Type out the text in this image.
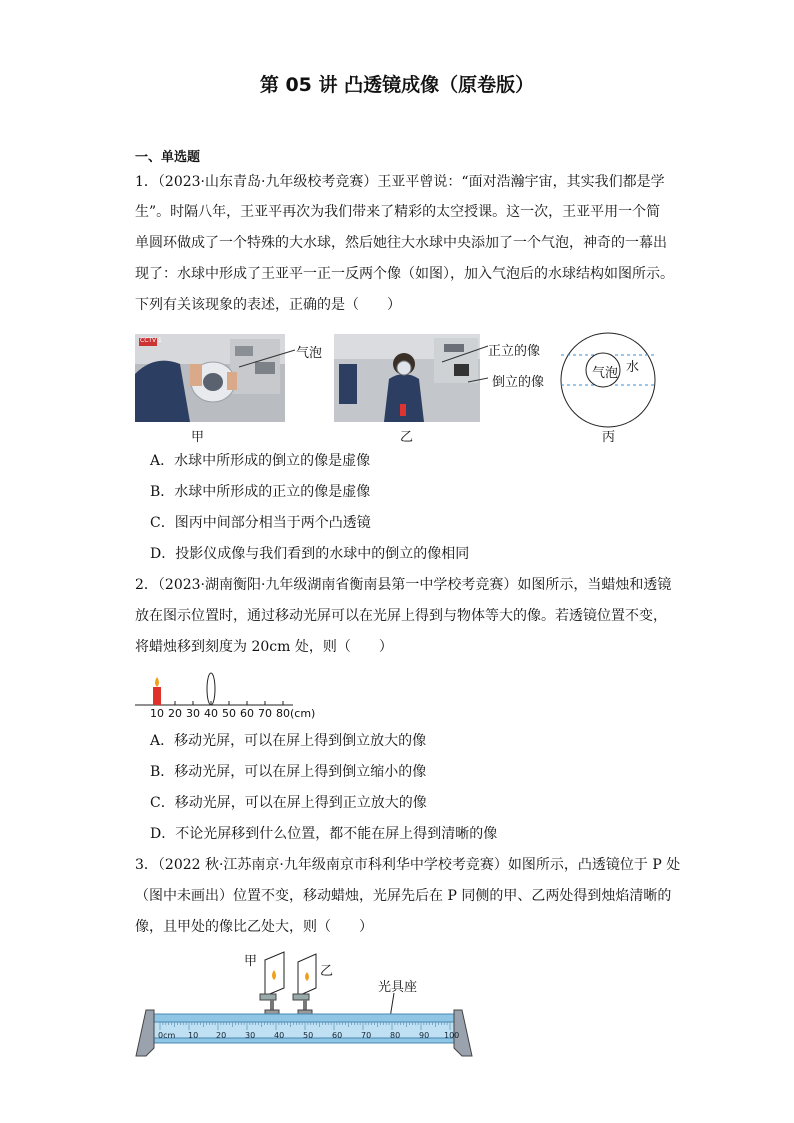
第 05 讲 凸透镜成像（原卷版）
一、单选题
1．（2023·山东青岛·九年级校考竞赛）王亚平曾说：“面对浩瀚宇宙，其实我们都是学
生”。时隔八年，王亚平再次为我们带来了精彩的太空授课。这一次，王亚平用一个简
单圆环做成了一个特殊的大水球，然后她往大水球中央添加了一个气泡，神奇的一幕出
现了：水球中形成了王亚平一正一反两个像（如图），加入气泡后的水球结构如图所示。
下列有关该现象的表述，正确的是（　　）
CCTV 1
气泡	正立的像
倒立的像
气泡 水
甲	乙	丙
A．水球中所形成的倒立的像是虚像
B．水球中所形成的正立的像是虚像
C．图丙中间部分相当于两个凸透镜
D．投影仪成像与我们看到的水球中的倒立的像相同
2．（2023·湖南衡阳·九年级湖南省衡南县第一中学校考竞赛）如图所示，当蜡烛和透镜
放在图示位置时，通过移动光屏可以在光屏上得到与物体等大的像。若透镜位置不变，
将蜡烛移到刻度为 20cm 处，则（　　）
10 20 30 40 50 60 70 80(cm)
A．移动光屏，可以在屏上得到倒立放大的像
B．移动光屏，可以在屏上得到倒立缩小的像
C．移动光屏，可以在屏上得到正立放大的像
D．不论光屏移到什么位置，都不能在屏上得到清晰的像
3．（2022 秋·江苏南京·九年级南京市科利华中学校考竞赛）如图所示，凸透镜位于 P 处
（图中未画出）位置不变，移动蜡烛，光屏先后在 P 同侧的甲、乙两处得到烛焰清晰的
像，且甲处的像比乙处大，则（　　）
甲
乙
光具座
0cm 10 20 30 40 50 60 70 80 90 100
